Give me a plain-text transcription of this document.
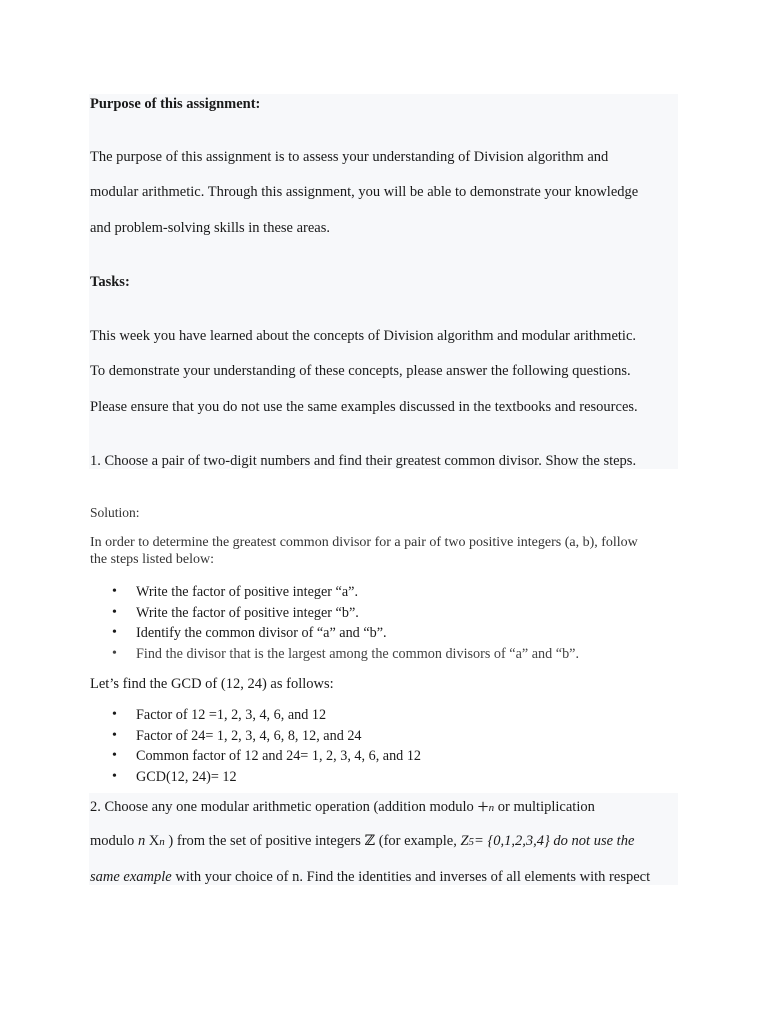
Purpose of this assignment:
The purpose of this assignment is to assess your understanding of Division algorithm and
modular arithmetic. Through this assignment, you will be able to demonstrate your knowledge
and problem-solving skills in these areas.
Tasks:
This week you have learned about the concepts of Division algorithm and modular arithmetic.
To demonstrate your understanding of these concepts, please answer the following questions.
Please ensure that you do not use the same examples discussed in the textbooks and resources.
1. Choose a pair of two-digit numbers and find their greatest common divisor. Show the steps.
Solution:
In order to determine the greatest common divisor for a pair of two positive integers (a, b), follow the steps listed below:
• Write the factor of positive integer “a”.
• Write the factor of positive integer “b”.
• Identify the common divisor of “a” and “b”.
• Find the divisor that is the largest among the common divisors of “a” and “b”.
Let’s find the GCD of (12, 24) as follows:
• Factor of 12 =1, 2, 3, 4, 6, and 12
• Factor of 24= 1, 2, 3, 4, 6, 8, 12, and 24
• Common factor of 12 and 24= 1, 2, 3, 4, 6, and 12
• GCD(12, 24)= 12
2. Choose any one modular arithmetic operation (addition modulo +n or multiplication
modulo n Xn ) from the set of positive integers ℤ (for example, Z5= {0,1,2,3,4} do not use the
same example with your choice of n. Find the identities and inverses of all elements with respect
